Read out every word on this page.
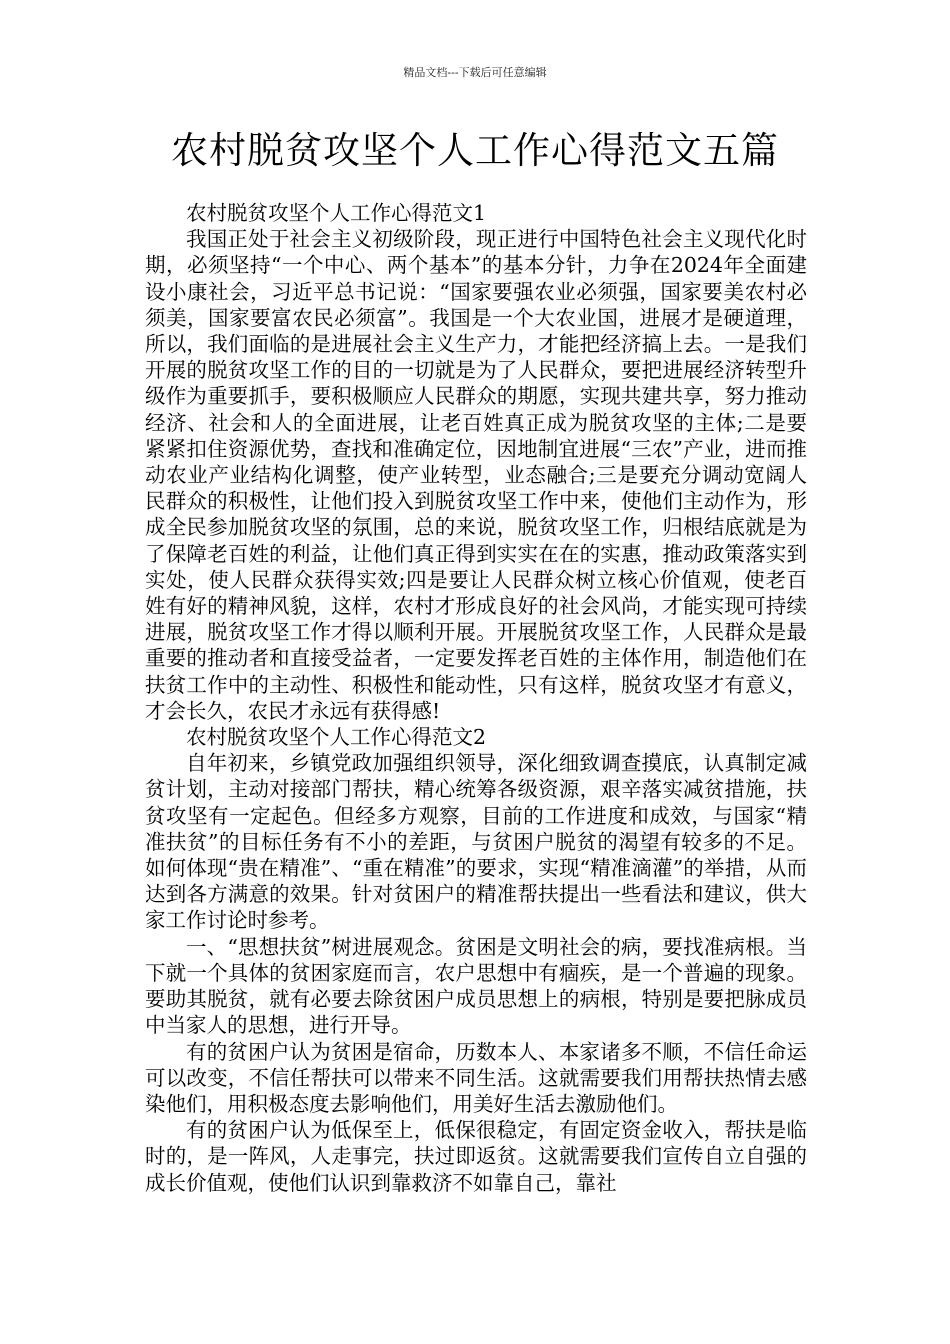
精品文档---下载后可任意编辑
农村脱贫攻坚个人工作心得范文五篇

农村脱贫攻坚个人工作心得范文1

我国正处于社会主义初级阶段，现正进行中国特色社会主义现代化时期，必须坚持“一个中心、两个基本”的基本分针，力争在2024年全面建设小康社会，习近平总书记说：“国家要强农业必须强，国家要美农村必须美，国家要富农民必须富”。我国是一个大农业国，进展才是硬道理，所以，我们面临的是进展社会主义生产力，才能把经济搞上去。一是我们开展的脱贫攻坚工作的目的一切就是为了人民群众，要把进展经济转型升级作为重要抓手，要积极顺应人民群众的期愿，实现共建共享，努力推动经济、社会和人的全面进展，让老百姓真正成为脱贫攻坚的主体;二是要紧紧扣住资源优势，查找和准确定位，因地制宜进展“三农”产业，进而推动农业产业结构化调整，使产业转型，业态融合;三是要充分调动宽阔人民群众的积极性，让他们投入到脱贫攻坚工作中来，使他们主动作为，形成全民参加脱贫攻坚的氛围，总的来说，脱贫攻坚工作，归根结底就是为了保障老百姓的利益，让他们真正得到实实在在的实惠，推动政策落实到实处，使人民群众获得实效;四是要让人民群众树立核心价值观，使老百姓有好的精神风貌，这样，农村才形成良好的社会风尚，才能实现可持续进展，脱贫攻坚工作才得以顺利开展。开展脱贫攻坚工作，人民群众是最重要的推动者和直接受益者，一定要发挥老百姓的主体作用，制造他们在扶贫工作中的主动性、积极性和能动性，只有这样，脱贫攻坚才有意义，才会长久，农民才永远有获得感!

农村脱贫攻坚个人工作心得范文2

自年初来，乡镇党政加强组织领导，深化细致调查摸底，认真制定减贫计划，主动对接部门帮扶，精心统筹各级资源，艰辛落实减贫措施，扶贫攻坚有一定起色。但经多方观察，目前的工作进度和成效，与国家“精准扶贫”的目标任务有不小的差距，与贫困户脱贫的渴望有较多的不足。如何体现“贵在精准”、“重在精准”的要求，实现“精准滴灌”的举措，从而达到各方满意的效果。针对贫困户的精准帮扶提出一些看法和建议，供大家工作讨论时参考。

一、“思想扶贫”树进展观念。贫困是文明社会的病，要找准病根。当下就一个具体的贫困家庭而言，农户思想中有痼疾，是一个普遍的现象。要助其脱贫，就有必要去除贫困户成员思想上的病根，特别是要把脉成员中当家人的思想，进行开导。

有的贫困户认为贫困是宿命，历数本人、本家诸多不顺，不信任命运可以改变，不信任帮扶可以带来不同生活。这就需要我们用帮扶热情去感染他们，用积极态度去影响他们，用美好生活去激励他们。

有的贫困户认为低保至上，低保很稳定，有固定资金收入，帮扶是临时的，是一阵风，人走事完，扶过即返贫。这就需要我们宣传自立自强的成长价值观，使他们认识到靠救济不如靠自己，靠社
